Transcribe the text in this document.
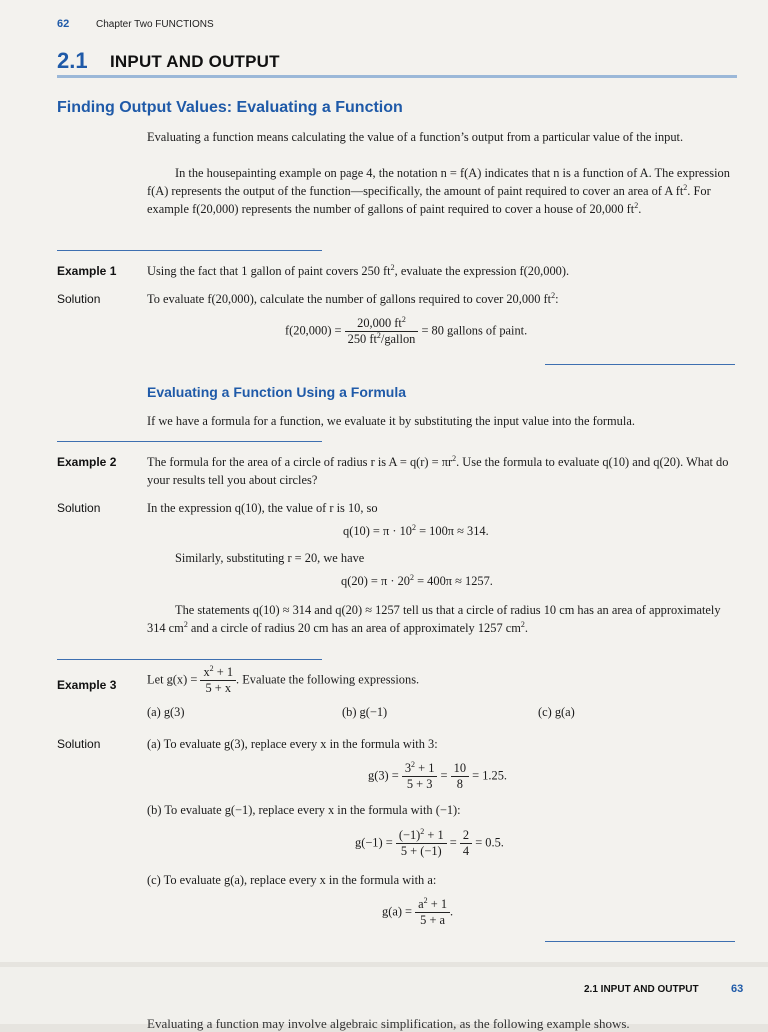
62	Chapter Two FUNCTIONS
2.1 INPUT AND OUTPUT
Finding Output Values: Evaluating a Function
Evaluating a function means calculating the value of a function’s output from a particular value of the input.
In the housepainting example on page 4, the notation n = f(A) indicates that n is a function of A. The expression f(A) represents the output of the function—specifically, the amount of paint required to cover an area of A $ft^2$. For example f(20,000) represents the number of gallons of paint required to cover a house of 20,000 $ft^2$.
Example 1 Using the fact that 1 gallon of paint covers 250 $ft^2$, evaluate the expression f(20,000).
Solution	To evaluate f(20,000), calculate the number of gallons required to cover 20,000 $ft^2$:
$f(20,000) = \frac{20,000 ft^2}{250 ft^2/gallon} = 80$ gallons of paint.
Evaluating a Function Using a Formula
If we have a formula for a function, we evaluate it by substituting the input value into the formula.
Example 2 The formula for the area of a circle of radius r is $A = q(r) = \pi r^2$. Use the formula to evaluate q(10) and q(20). What do your results tell you about circles?
Solution	In the expression q(10), the value of r is 10, so
$q(10) = \pi \cdot 10^2 = 100\pi \approx 314$.
Similarly, substituting r = 20, we have
$q(20) = \pi \cdot 20^2 = 400\pi \approx 1257$.
The statements q(10) ≈ 314 and q(20) ≈ 1257 tell us that a circle of radius 10 cm has an area of approximately 314 $cm^2$ and a circle of radius 20 cm has an area of approximately 1257 $cm^2$.
Example 3 Let $g(x) = \frac{x^2 + 1}{5 + x}$ . Evaluate the following expressions.
(a) g(3)	(b) g(−1)	(c) g(a)
Solution	(a) To evaluate g(3), replace every x in the formula with 3:
$g(3) = \frac{3^2 + 1}{5 + 3} = \frac{10}{8} = 1.25$.
(b) To evaluate g(−1), replace every x in the formula with (−1):
$g(-1) = \frac{(-1)^2 + 1}{5 + (-1)} = \frac{2}{4} = 0.5$.
(c) To evaluate g(a), replace every x in the formula with a:
$g(a) = \frac{a^2 + 1}{5 + a}$ .
2.1 INPUT AND OUTPUT	63
Evaluating a function may involve algebraic simplification, as the following example shows.
